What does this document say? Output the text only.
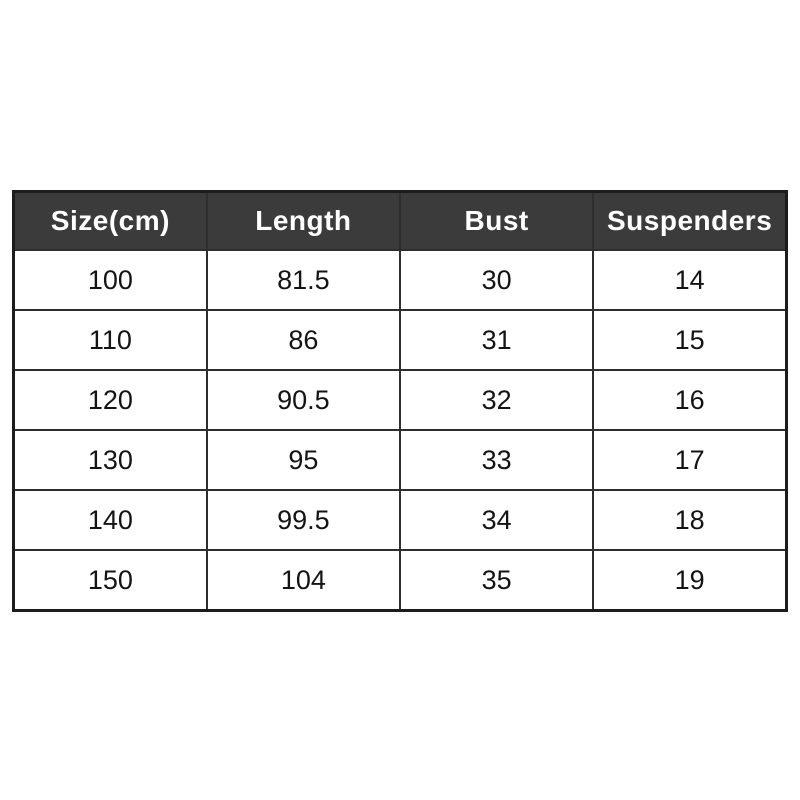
Size(cm)	Length	Bust	Suspenders
100	81.5	30	14
110	86	31	15
120	90.5	32	16
130	95	33	17
140	99.5	34	18
150	104	35	19
